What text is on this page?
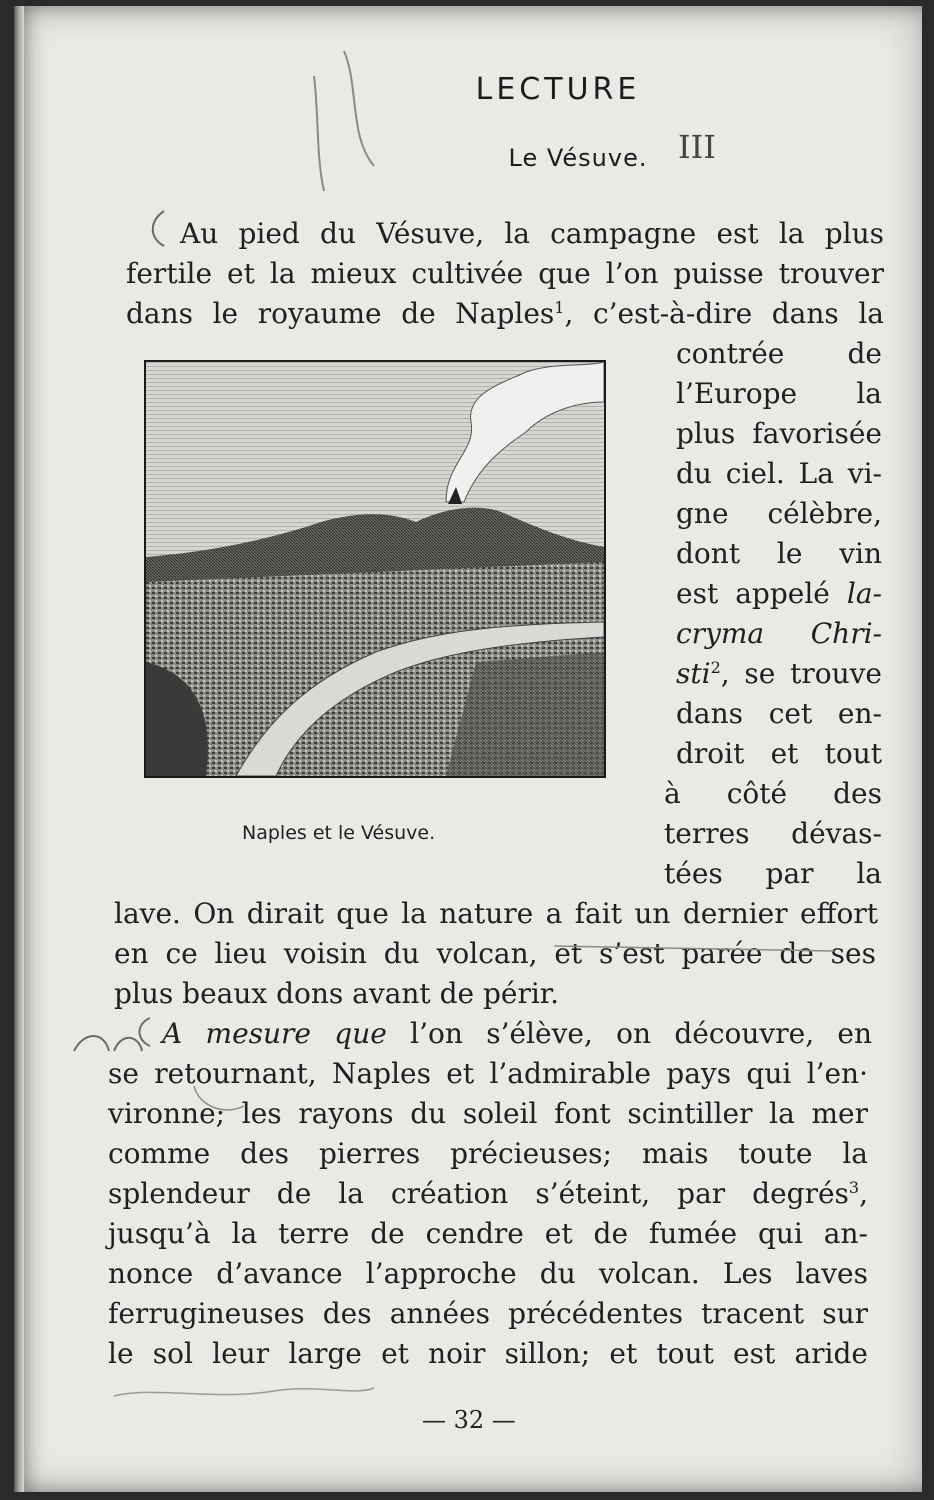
LECTURE
Le Vésuve. III
Au pied du Vésuve, la campagne est la plus
fertile et la mieux cultivée que l’on puisse trouver
dans le royaume de Naples$^1$, c’est-à-dire dans la
Naples et le Vésuve.
contrée de
l’Europe la
plus favorisée
du ciel. La vi-
gne célèbre,
dont le vin
est appelé la-
cryma Chri-
sti$^2$, se trouve
dans cet en-
droit et tout
à côté des
terres dévas-
tées par la
lave. On dirait que la nature a fait un dernier effort
en ce lieu voisin du volcan, et s’est parée de ses
plus beaux dons avant de périr.
A mesure que l’on s’élève, on découvre, en
se retournant, Naples et l’admirable pays qui l’en·
vironne; les rayons du soleil font scintiller la mer
comme des pierres précieuses; mais toute la
splendeur de la création s’éteint, par degrés$^3$,
jusqu’à la terre de cendre et de fumée qui an-
nonce d’avance l’approche du volcan. Les laves
ferrugineuses des années précédentes tracent sur
le sol leur large et noir sillon; et tout est aride
— 32 —
